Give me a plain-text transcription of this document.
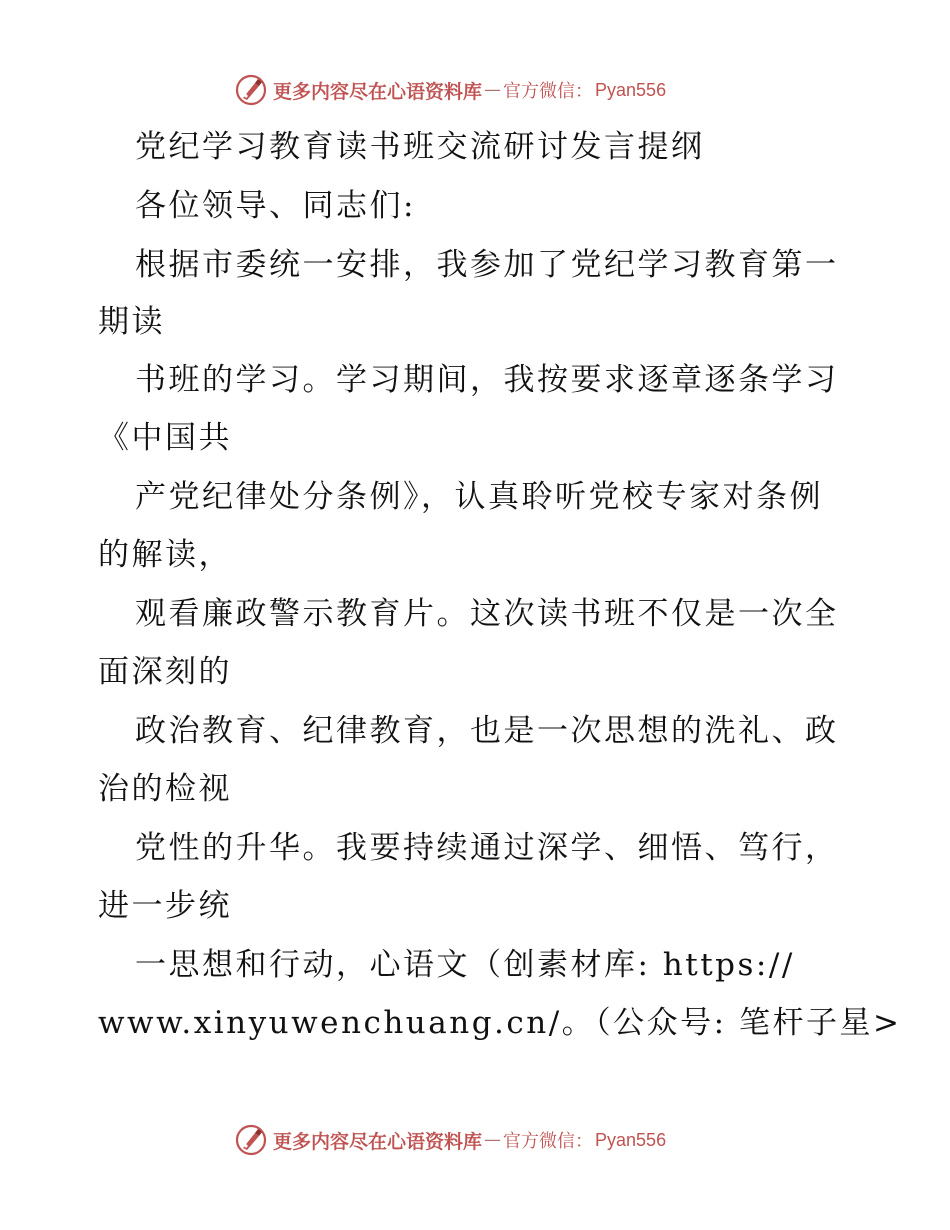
更多内容尽在心语资料库 — 官方微信： Pyan556
党纪学习教育读书班交流研讨发言提纲
各位领导、同志们:
根据市委统一安排，我参加了党纪学习教育第一
期读
书班的学习。学习期间，我按要求逐章逐条学习
《中国共
产党纪律处分条例》，认真聆听党校专家对条例
的解读，
观看廉政警示教育片。这次读书班不仅是一次全
面深刻的
政治教育、纪律教育，也是一次思想的洗礼、政
治的检视
党性的升华。我要持续通过深学、细悟、笃行，
进一步统
一思想和行动，心语文（创素材库: https://
www.xinyuwenchuang.cn/。（公众号: 笔杆子星>
更多内容尽在心语资料库 — 官方微信： Pyan556
